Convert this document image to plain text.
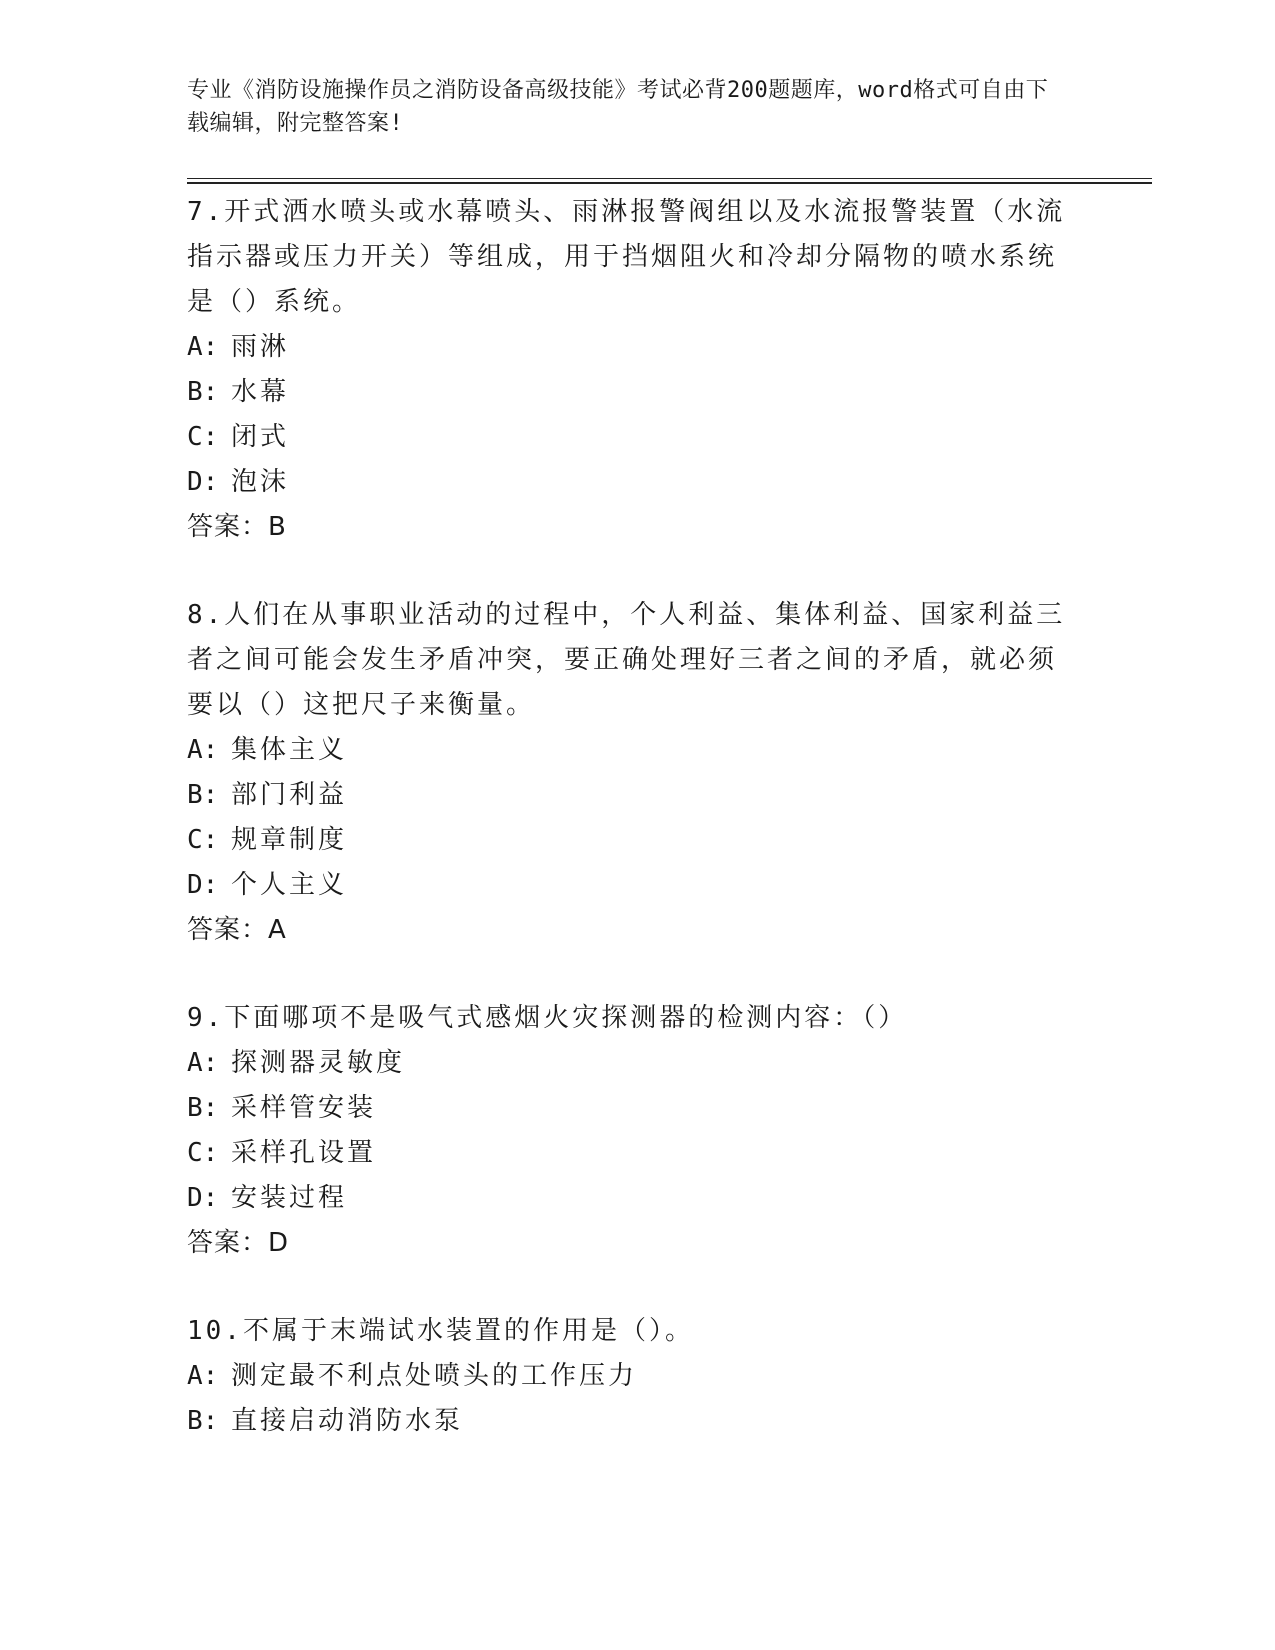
专业《消防设施操作员之消防设备高级技能》考试必背200题题库，word格式可自由下载编辑，附完整答案!

7.开式洒水喷头或水幕喷头、雨淋报警阀组以及水流报警装置（水流指示器或压力开关）等组成，用于挡烟阻火和冷却分隔物的喷水系统是（）系统。

A: 雨淋

B: 水幕

C: 闭式

D: 泡沫

答案：B

8.人们在从事职业活动的过程中，个人利益、集体利益、国家利益三者之间可能会发生矛盾冲突，要正确处理好三者之间的矛盾，就必须要以（）这把尺子来衡量。

A: 集体主义

B: 部门利益

C: 规章制度

D: 个人主义

答案：A

9.下面哪项不是吸气式感烟火灾探测器的检测内容：（）

A: 探测器灵敏度

B: 采样管安装

C: 采样孔设置

D: 安装过程

答案：D

10.不属于末端试水装置的作用是（）。

A: 测定最不利点处喷头的工作压力

B: 直接启动消防水泵
